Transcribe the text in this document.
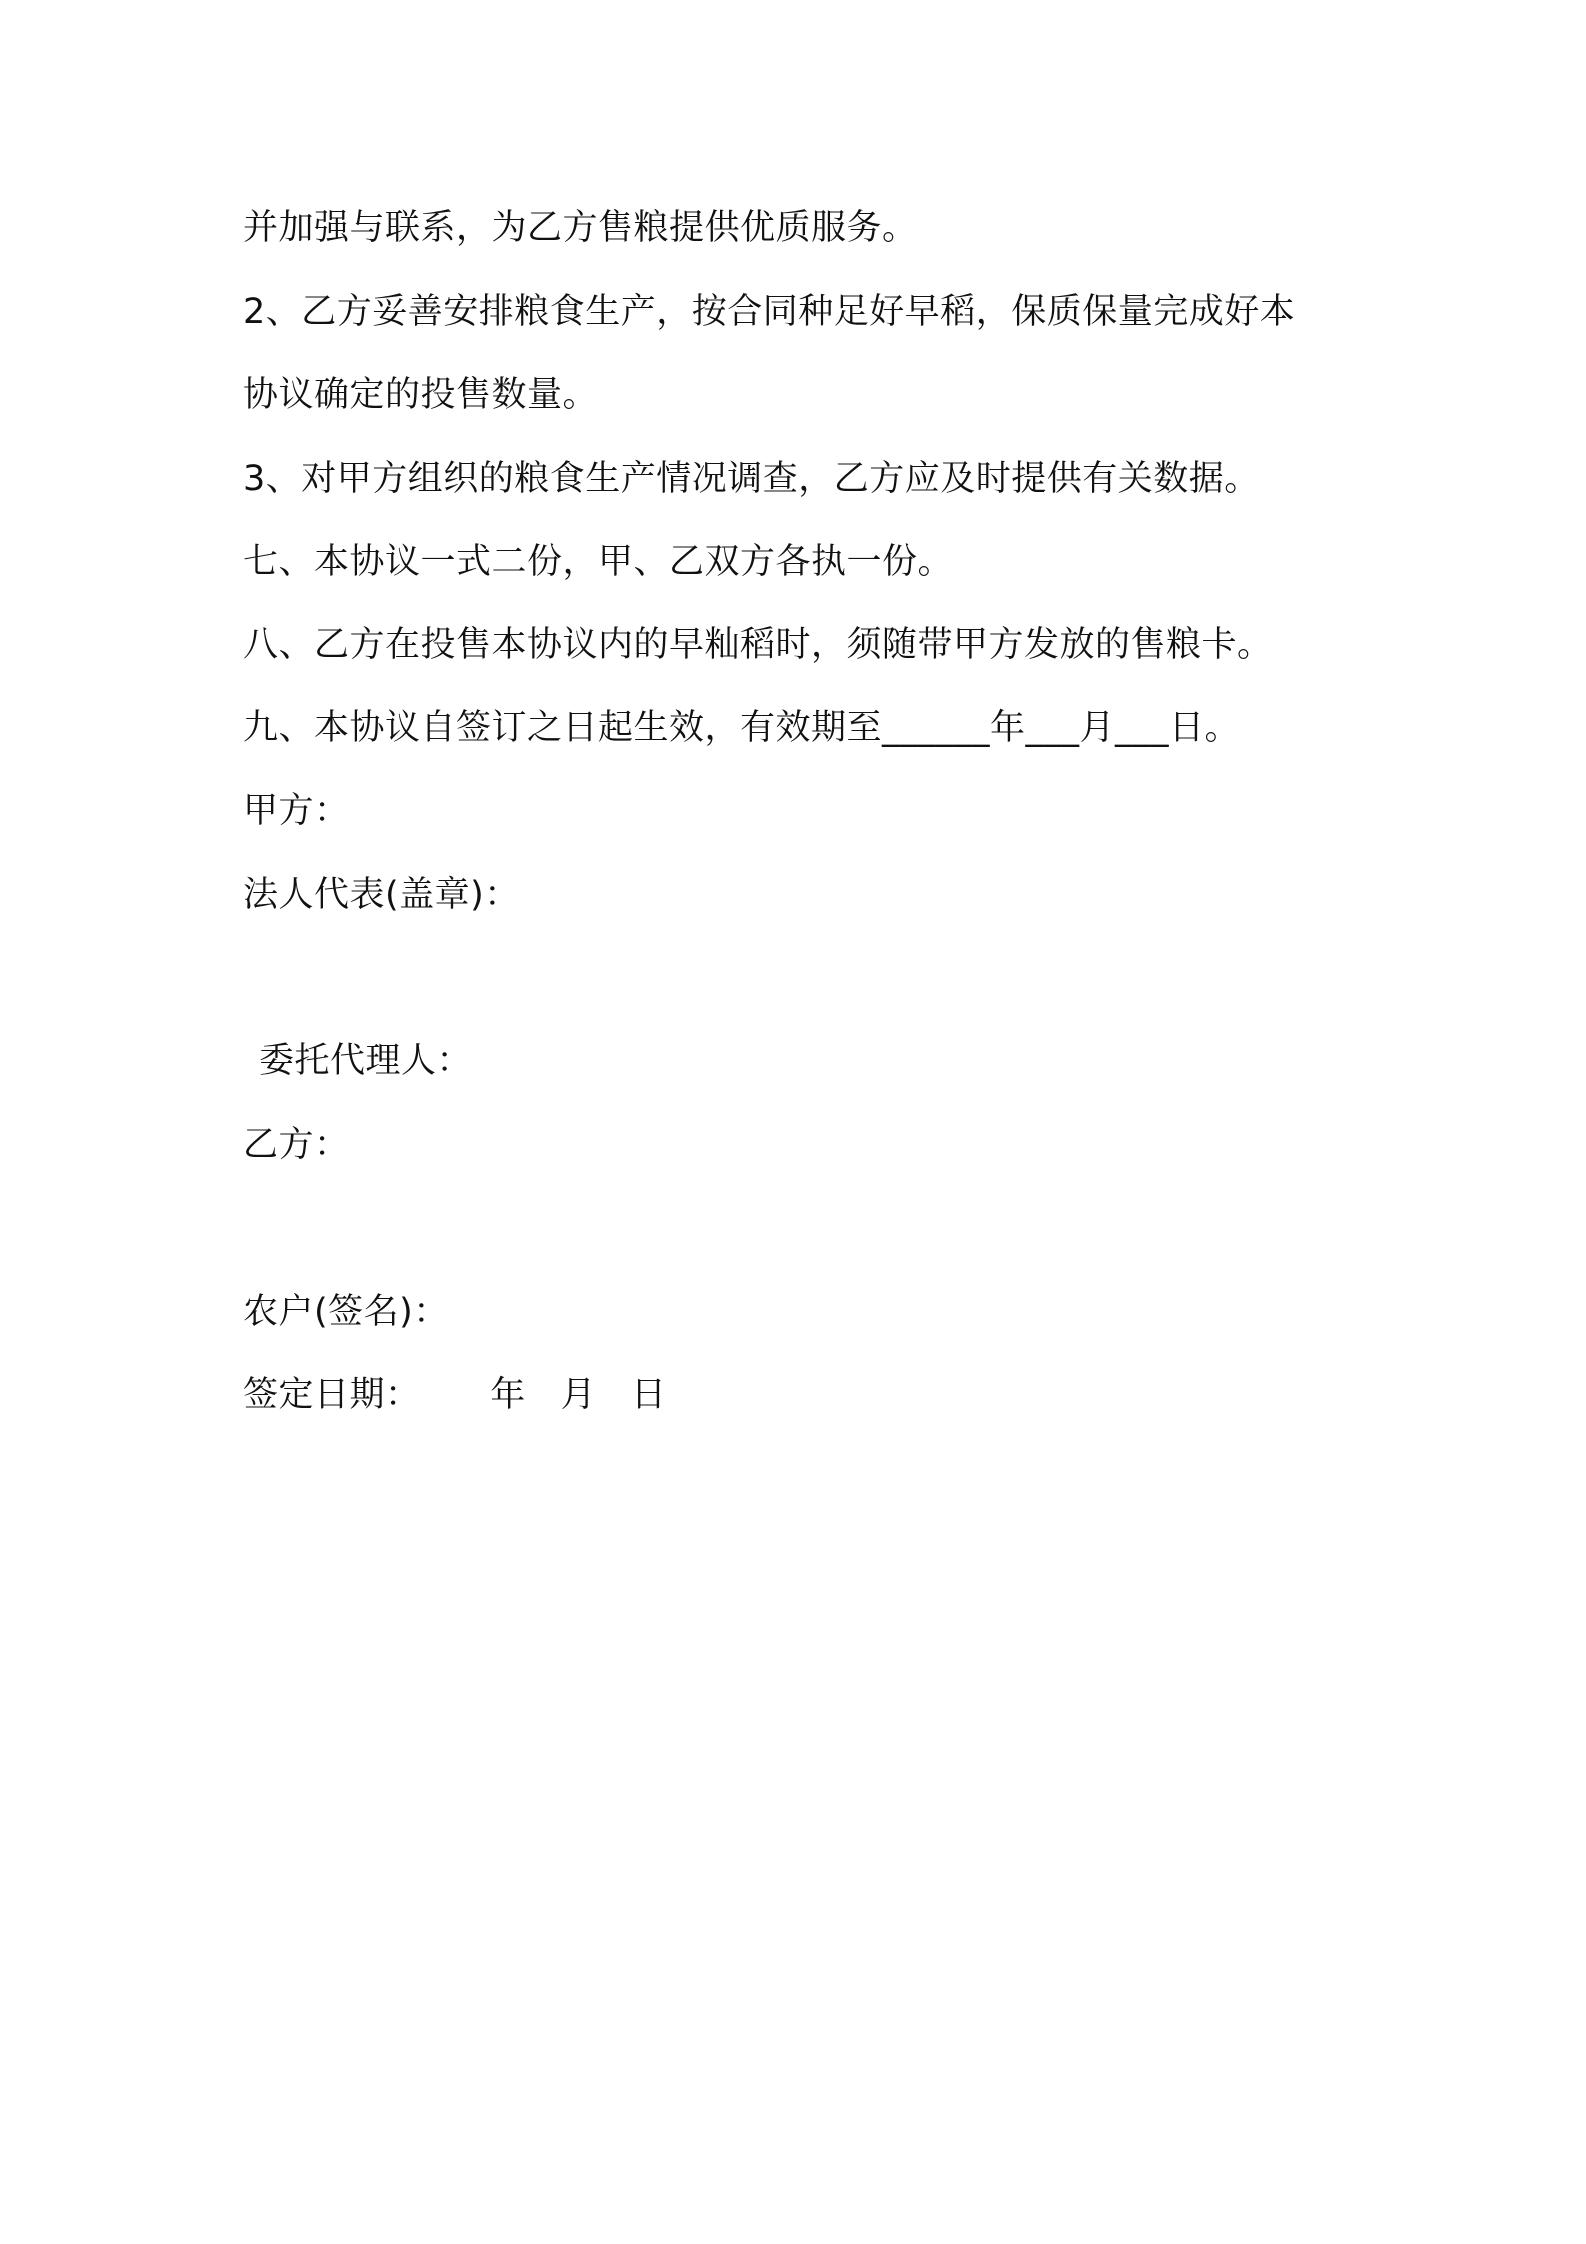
并加强与联系，为乙方售粮提供优质服务。
2、乙方妥善安排粮食生产，按合同种足好早稻，保质保量完成好本
协议确定的投售数量。
3、对甲方组织的粮食生产情况调查，乙方应及时提供有关数据。
七、本协议一式二份，甲、乙双方各执一份。
八、乙方在投售本协议内的早籼稻时，须随带甲方发放的售粮卡。
九、本协议自签订之日起生效，有效期至______年___月___日。
甲方：
法人代表(盖章)：
委托代理人：
乙方：
农户(签名)：
签定日期：      年   月   日
